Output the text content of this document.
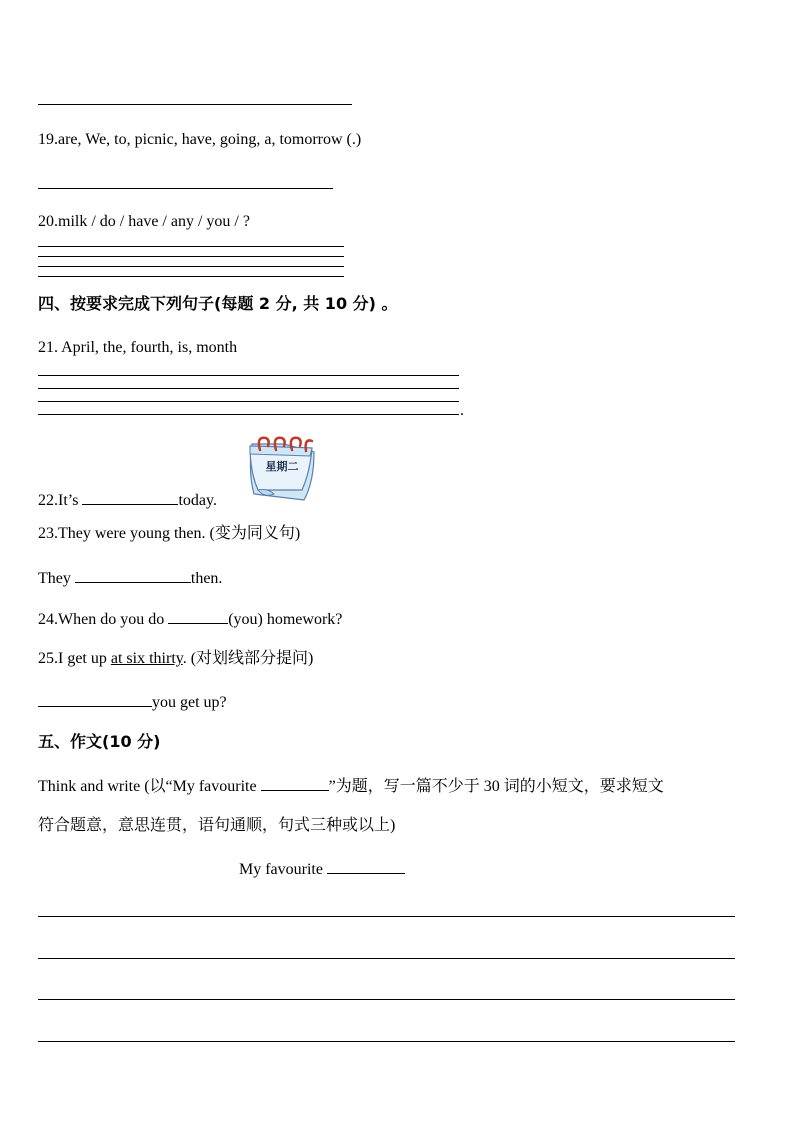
19.are, We, to, picnic, have, going, a, tomorrow (.)
20.milk / do / have / any / you / ?
四、按要求完成下列句子(每题 2 分, 共 10 分) 。
21. April, the, fourth, is, month
.
星期二
22.It’s	today.
23.They were young then. (变为同义句)
They	then.
24.When do you do	(you) homework?
25.I get up at six thirty. (对划线部分提问)
you get up?
五、作文(10 分)
Think and write (以“My favourite	”为题，写一篇不少于 30 词的小短文，要求短文
符合题意，意思连贯，语句通顺，句式三种或以上)
My favourite
